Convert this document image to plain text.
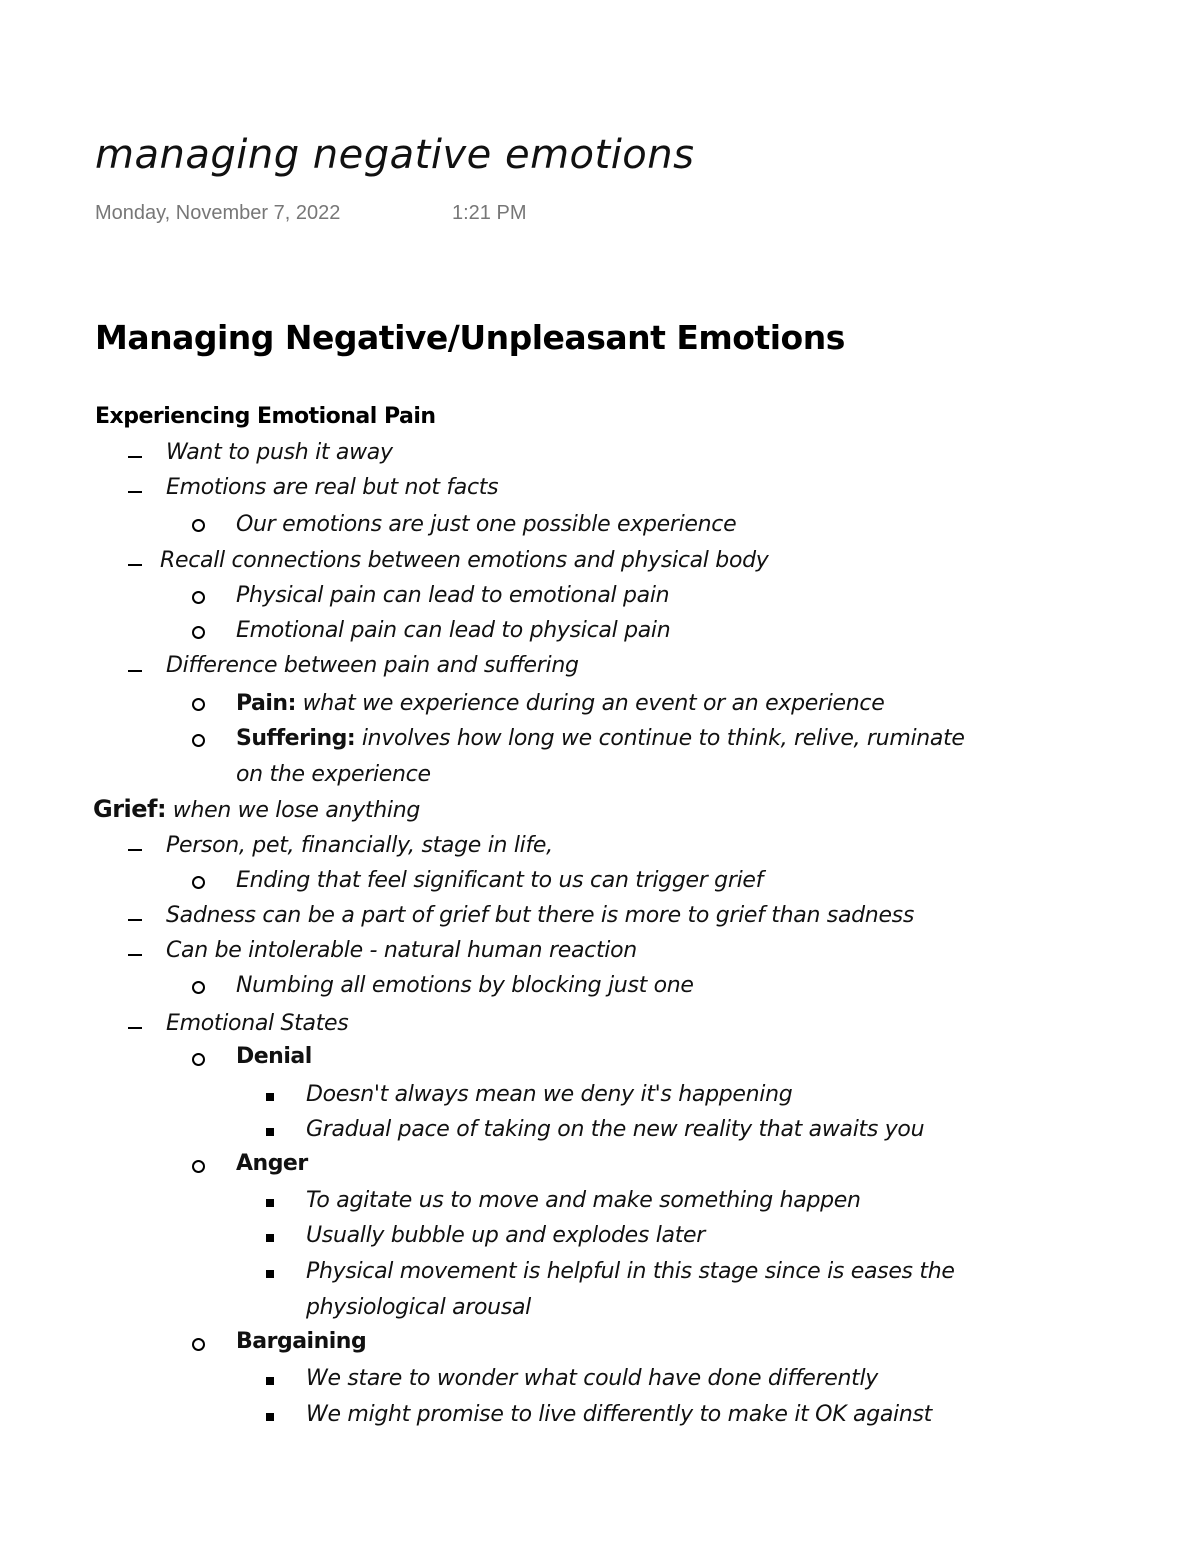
managing negative emotions
Monday, November 7, 2022	1:21 PM
Managing Negative/Unpleasant Emotions
Experiencing Emotional Pain
Want to push it away
Emotions are real but not facts
Our emotions are just one possible experience
Recall connections between emotions and physical body
Physical pain can lead to emotional pain
Emotional pain can lead to physical pain
Difference between pain and suffering
Pain: what we experience during an event or an experience
Suffering: involves how long we continue to think, relive, ruminate
on the experience
Grief: when we lose anything
Person, pet, financially, stage in life,
Ending that feel significant to us can trigger grief
Sadness can be a part of grief but there is more to grief than sadness
Can be intolerable - natural human reaction
Numbing all emotions by blocking just one
Emotional States
Denial
Doesn't always mean we deny it's happening
Gradual pace of taking on the new reality that awaits you
Anger
To agitate us to move and make something happen
Usually bubble up and explodes later
Physical movement is helpful in this stage since is eases the
physiological arousal
Bargaining
We stare to wonder what could have done differently
We might promise to live differently to make it OK against
